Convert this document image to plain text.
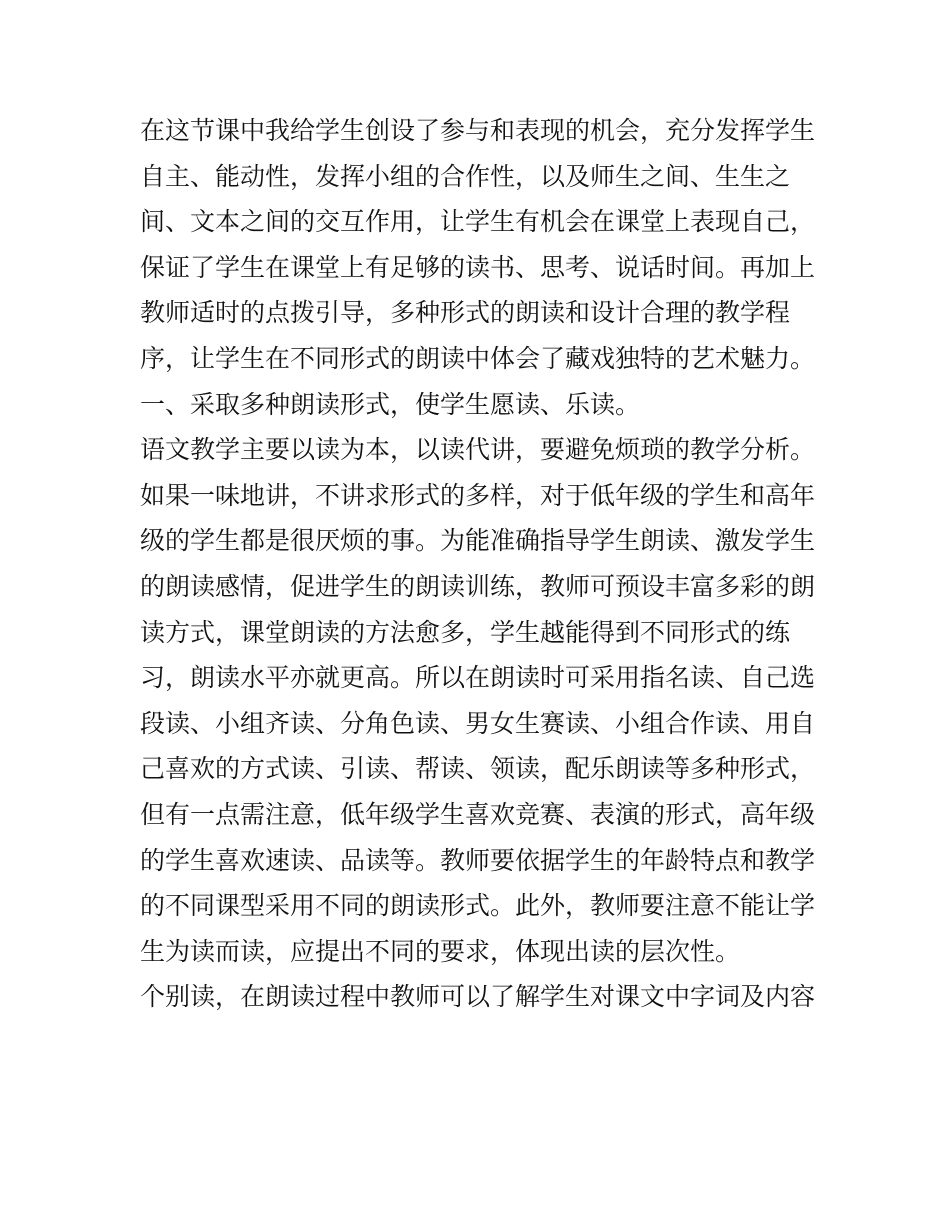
在这节课中我给学生创设了参与和表现的机会，充分发挥学生
自主、能动性，发挥小组的合作性，以及师生之间、生生之
间、文本之间的交互作用，让学生有机会在课堂上表现自己，
保证了学生在课堂上有足够的读书、思考、说话时间。再加上
教师适时的点拨引导，多种形式的朗读和设计合理的教学程
序，让学生在不同形式的朗读中体会了藏戏独特的艺术魅力。
一、采取多种朗读形式，使学生愿读、乐读。
语文教学主要以读为本，以读代讲，要避免烦琐的教学分析。
如果一味地讲，不讲求形式的多样，对于低年级的学生和高年
级的学生都是很厌烦的事。为能准确指导学生朗读、激发学生
的朗读感情，促进学生的朗读训练，教师可预设丰富多彩的朗
读方式，课堂朗读的方法愈多，学生越能得到不同形式的练
习，朗读水平亦就更高。所以在朗读时可采用指名读、自己选
段读、小组齐读、分角色读、男女生赛读、小组合作读、用自
己喜欢的方式读、引读、帮读、领读，配乐朗读等多种形式，
但有一点需注意，低年级学生喜欢竞赛、表演的形式，高年级
的学生喜欢速读、品读等。教师要依据学生的年龄特点和教学
的不同课型采用不同的朗读形式。此外，教师要注意不能让学
生为读而读，应提出不同的要求，体现出读的层次性。
个别读，在朗读过程中教师可以了解学生对课文中字词及内容
